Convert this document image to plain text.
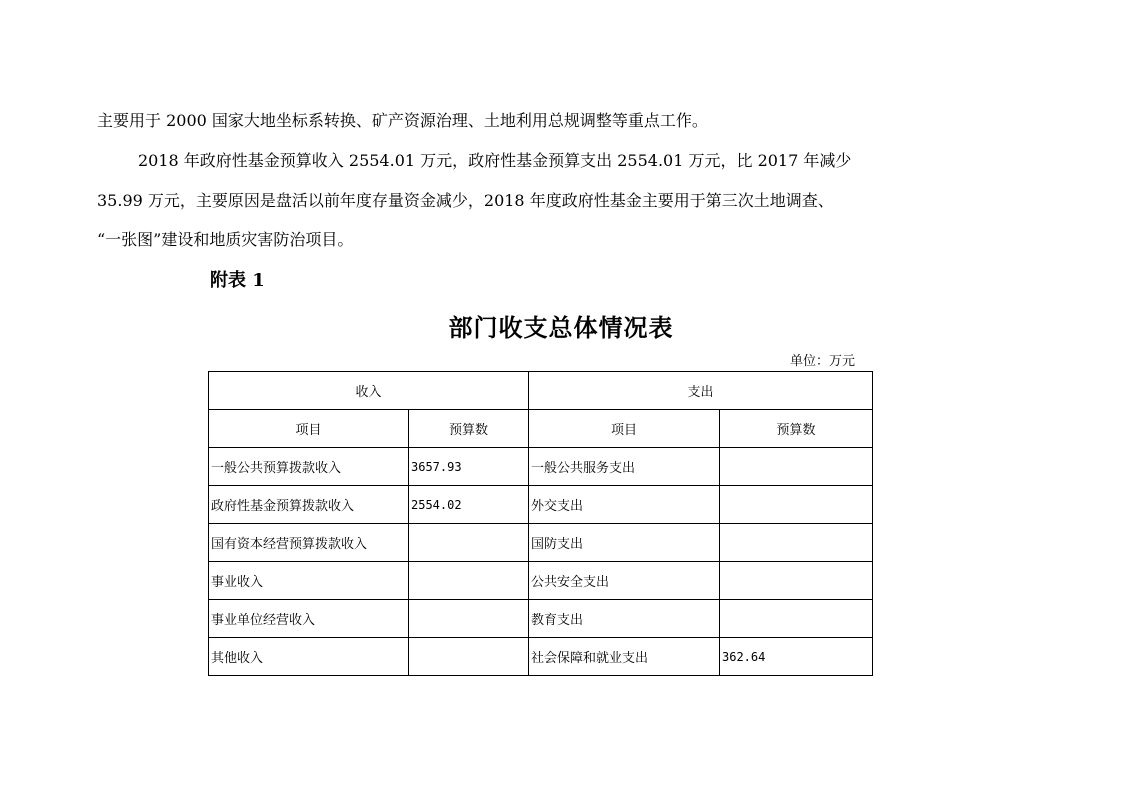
主要用于 2000 国家大地坐标系转换、矿产资源治理、土地利用总规调整等重点工作。
2018 年政府性基金预算收入 2554.01 万元，政府性基金预算支出 2554.01 万元，比 2017 年减少
35.99 万元，主要原因是盘活以前年度存量资金减少，2018 年度政府性基金主要用于第三次土地调查、
“一张图”建设和地质灾害防治项目。
附表 1
部门收支总体情况表
单位：万元
收入		支出	
项目	预算数	项目	预算数
一般公共预算拨款收入	3657.93	一般公共服务支出	
政府性基金预算拨款收入	2554.02	外交支出	
国有资本经营预算拨款收入		国防支出	
事业收入		公共安全支出	
事业单位经营收入		教育支出	
其他收入		社会保障和就业支出	362.64
